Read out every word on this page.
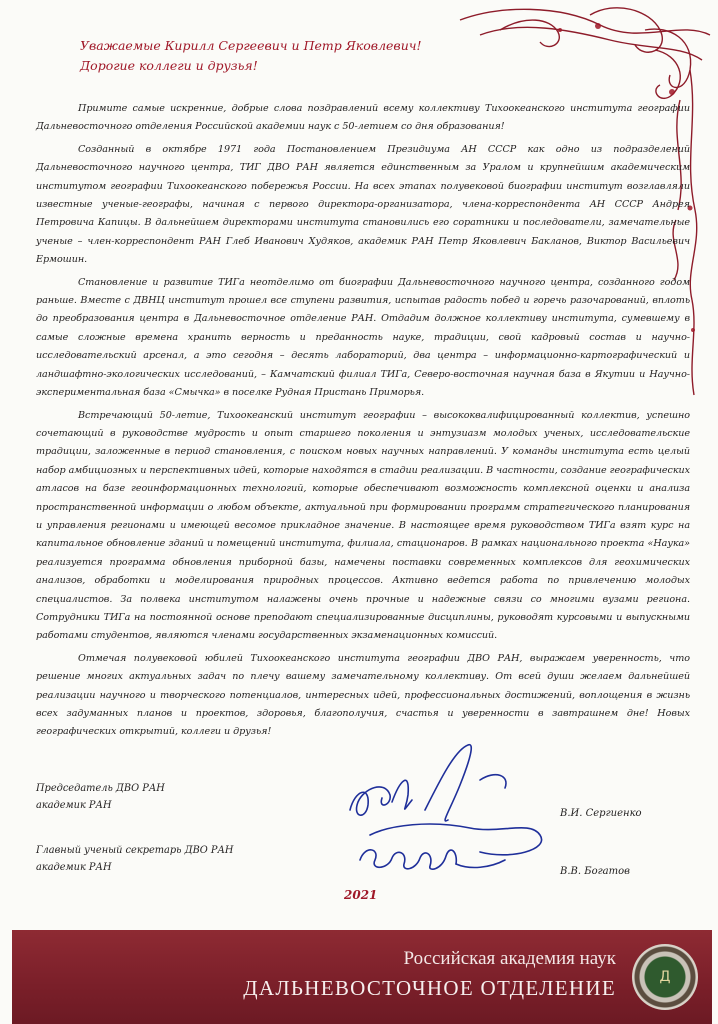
Уважаемые Кирилл Сергеевич и Петр Яковлевич!
Дорогие коллеги и друзья!

Примите самые искренние, добрые слова поздравлений всему коллективу Тихоокеанского института географии Дальневосточного отделения Российской академии наук с 50-летием со дня образования!

Созданный в октябре 1971 года Постановлением Президиума АН СССР как одно из подразделений Дальневосточного научного центра, ТИГ ДВО РАН является единственным за Уралом и крупнейшим академическим институтом географии Тихоокеанского побережья России. На всех этапах полувековой биографии институт возглавляли известные ученые-географы, начиная с первого директора-организатора, члена-корреспондента АН СССР Андрея Петровича Капицы. В дальнейшем директорами института становились его соратники и последователи, замечательные ученые – член-корреспондент РАН Глеб Иванович Худяков, академик РАН Петр Яковлевич Бакланов, Виктор Васильевич Ермошин.

Становление и развитие ТИГа неотделимо от биографии Дальневосточного научного центра, созданного годом раньше. Вместе с ДВНЦ институт прошел все ступени развития, испытав радость побед и горечь разочарований, вплоть до преобразования центра в Дальневосточное отделение РАН. Отдадим должное коллективу института, сумевшему в самые сложные времена хранить верность и преданность науке, традиции, свой кадровый состав и научно-исследовательский арсенал, а это сегодня – десять лабораторий, два центра – информационно-картографический и ландшафтно-экологических исследований, – Камчатский филиал ТИГа, Северо-восточная научная база в Якутии и Научно-экспериментальная база «Смычка» в поселке Рудная Пристань Приморья.

Встречающий 50-летие, Тихоокеанский институт географии – высококвалифицированный коллектив, успешно сочетающий в руководстве мудрость и опыт старшего поколения и энтузиазм молодых ученых, исследовательские традиции, заложенные в период становления, с поиском новых научных направлений. У команды института есть целый набор амбициозных и перспективных идей, которые находятся в стадии реализации. В частности, создание географических атласов на базе геоинформационных технологий, которые обеспечивают возможность комплексной оценки и анализа пространственной информации о любом объекте, актуальной при формировании программ стратегического планирования и управления регионами и имеющей весомое прикладное значение. В настоящее время руководством ТИГа взят курс на капитальное обновление зданий и помещений института, филиала, стационаров. В рамках национального проекта «Наука» реализуется программа обновления приборной базы, намечены поставки современных комплексов для геохимических анализов, обработки и моделирования природных процессов. Активно ведется работа по привлечению молодых специалистов. За полвека институтом налажены очень прочные и надежные связи со многими вузами региона. Сотрудники ТИГа на постоянной основе преподают специализированные дисциплины, руководят курсовыми и выпускными работами студентов, являются членами государственных экзаменационных комиссий.

Отмечая полувековой юбилей Тихоокеанского института географии ДВО РАН, выражаем уверенность, что решение многих актуальных задач по плечу вашему замечательному коллективу. От всей души желаем дальнейшей реализации научного и творческого потенциалов, интересных идей, профессиональных достижений, воплощения в жизнь всех задуманных планов и проектов, здоровья, благополучия, счастья и уверенности в завтрашнем дне! Новых географических открытий, коллеги и друзья!

Председатель ДВО РАН
академик РАН
В.И. Сергиенко
Главный ученый секретарь ДВО РАН
академик РАН	В.В. Богатов
2021
Российская академия наук
ДАЛЬНЕВОСТОЧНОЕ ОТДЕЛЕНИЕ	Д
